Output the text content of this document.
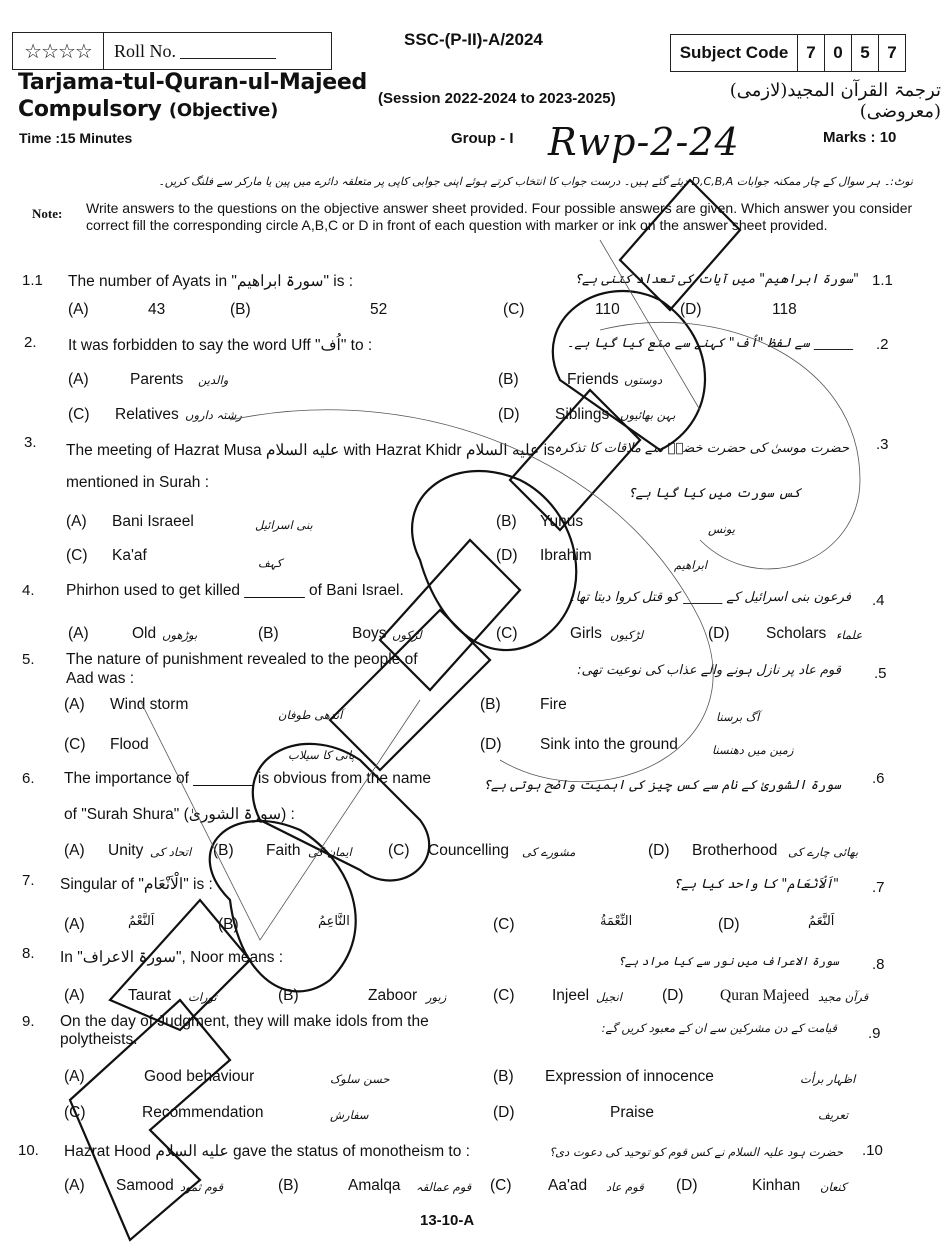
☆☆☆☆	Roll No.
SSC-(P-II)-A/2024
Subject Code	7	0	5	7
Tarjama-tul-Quran-ul-Majeed
Compulsory (Objective)
(Session 2022-2024 to 2023-2025)	ترجمۃ القرآن المجید(لازمی)(معروضی)
Time :15 Minutes	Group - I Rwp-2-24	Marks : 10
نوٹ:۔ ہر سوال کے چار ممکنہ جوابات D,C,B,A دیئے گئے ہیں۔ درست جواب کا انتخاب کرتے ہوئے اپنی جوابی کاپی پر متعلقہ دائرے میں پین یا مارکر سے فلنگ کریں۔
Note: Write answers to the questions on the objective answer sheet provided. Four possible answers are given. Which answer you consider correct fill the corresponding circle A,B,C or D in front of each question with marker or ink on the answer sheet provided.
1.1 The number of Ayats in "سورۃ ابراھیم" is :	"سورۃ ابراھیم" میں آیات کی تعداد کتنی ہے؟ 1.1
(A)	43	(B)	52	(C)	110	(D)	118
2. It was forbidden to say the word Uff "اُف" to :	______ سے لفظ "اُف" کہنے سے منع کیا گیا ہے۔ .2
(A)	Parents والدین	(B)	Friends دوستوں
(C) Relatives رشتہ داروں	(D) Siblings بہن بھائیوں
3. The meeting of Hazrat Musa عليه السلام with Hazrat Khidr عليه السلام is
mentioned in Surah :
حضرت موسیٰ کی حضرت خضرؑ سے ملاقات کا تذکرہ
کس سورت میں کیا گیا ہے؟
.3
(A) Bani Israeel	بنی اسرائیل	(B) Yunus	یونس
(C) Ka'af	کہف	(D) Ibrahim
ابراھیم
4. Phirhon used to get killed _______ of Bani Israel.	فرعون بنی اسرائیل کے ______ کو قتل کروا دیتا تھا۔ .4
(A)	Old بوڑھوں	(B)	Boys لڑکوں	(C)	Girls لڑکیوں	(D) Scholars علماء
5. The nature of punishment revealed to the people of
Aad was :	قوم عاد پر نازل ہونے والے عذاب کی نوعیت تھی: .5
(A) Wind storm
آندھی طوفان
(B)	Fire
آگ برسنا
(C) Flood
پانی کا سیلاب
(D) Sink into the ground	زمین میں دھنسنا
6. The importance of _______ is obvious from the name
of "Surah Shura" (سورۃ الشوریٰ) :
سورۃ الشوریٰ کے نام سے کس چیز کی اہمیت واضح ہوتی ہے؟ .6
(A) Unity اتحاد کی (B) Faith ایمان کی (C) Councelling مشورے کی	(D) Brotherhood بھائی چارے کی
7. Singular of "الْاَنْعَام" is :	"اَلْاَنْعَام" کا واحد کیا ہے؟ .7
(A)	اَلنَّعْمُ	(B)	النَّاعِمُ	(C)	النِّعْمَةُ	(D)	اَلنَّعَمُ
8. In "سورۃ الاعراف", Noor means :	سورۃ الاعراف میں نور سے کیا مراد ہے؟ .8
(A)	Taurat تورات	(B)	Zaboor زبور	(C) Injeel انجیل	(D) Quran Majeed قرآن مجید
9. On the day of Judgment, they will make idols from the
polytheists.
قیامت کے دن مشرکین سے ان کے معبود کریں گے: .9
(A)	Good behaviour	حسن سلوک	(B) Expression of innocence	اظہار برأت
(C)	Recommendation	سفارش	(D)	Praise	تعریف
10. Hazrat Hood عليه السلام gave the status of monotheism to :	حضرت ہود علیہ السلام نے کس قوم کو توحید کی دعوت دی؟ .10
(A) Samood قوم ثمود	(B)	Amalqa قوم عمالقہ (C) Aa'ad قوم عاد (D)	Kinhan کنعان
13-10-A
